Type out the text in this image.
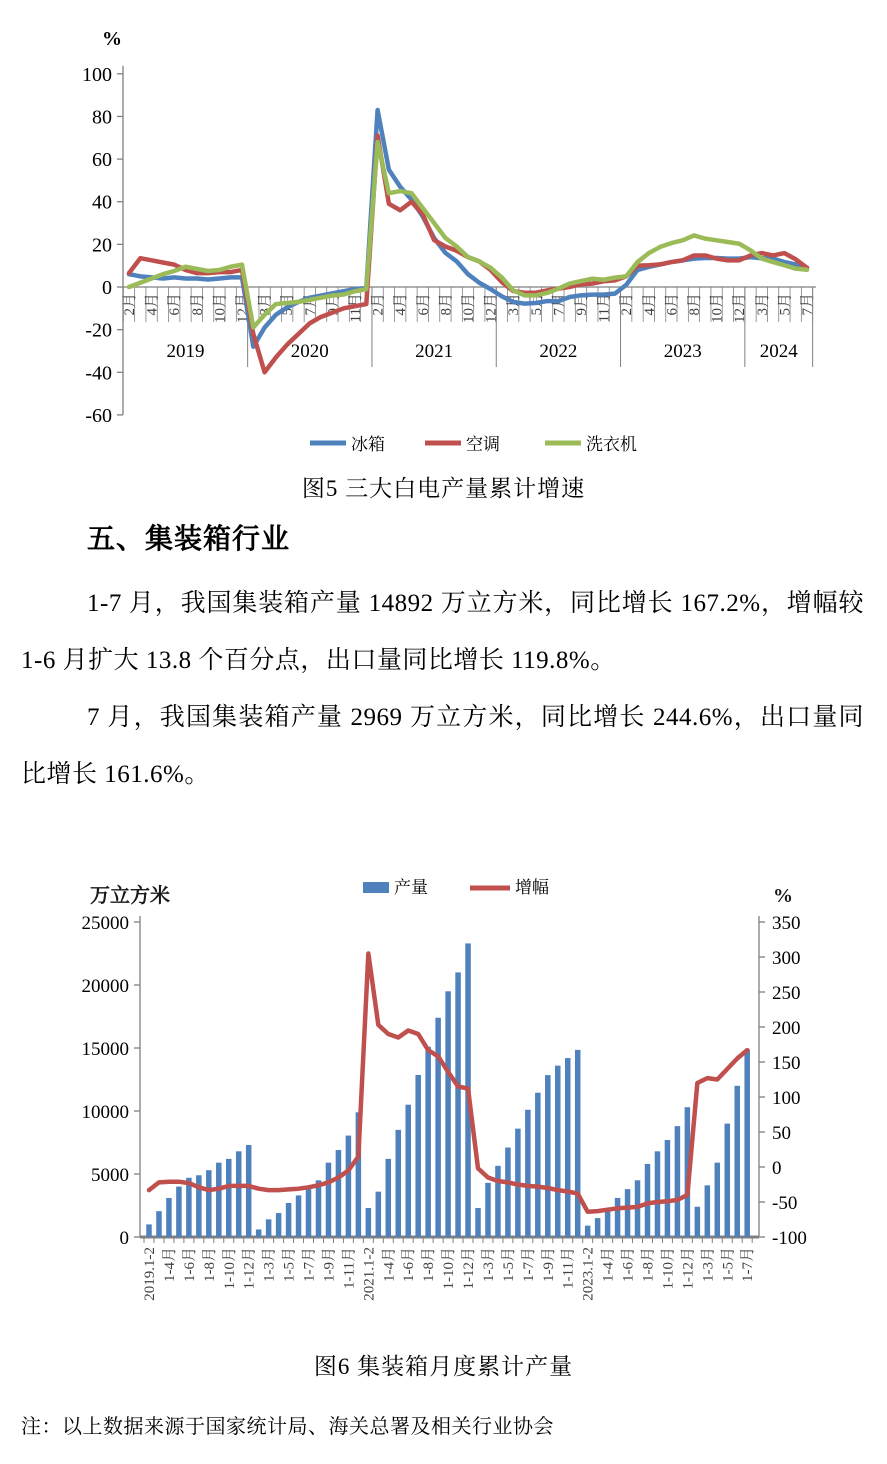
%
100
80
60
40
20
0
-20
-40
-60
2月 4月 6月 8月 10月 12月 3月 5月 7月 9月 11月 2月 4月 6月 8月 10月 12月 3月 5月 7月 9月 11月 2月 4月 6月 8月 10月 12月 3月 5月 7月
2019	2020	2021	2022	2023	2024
冰箱	空调	洗衣机
图5 三大白电产量累计增速
五、集装箱行业

1-7 月，我国集装箱产量 14892 万立方米，同比增长 167.2%，增幅较 1-6 月扩大 13.8 个百分点，出口量同比增长 119.8%。

7 月，我国集装箱产量 2969 万立方米，同比增长 244.6%，出口量同比增长 161.6%。

万立方米	%
产量	增幅
0
5000
10000
15000
20000
25000
-100
-50
0
50
100
150
200
250
300
350
2019.1-2 1-4月 1-6月 1-8月 1-10月 1-12月 1-3月 1-5月 1-7月 1-9月 1-11月 2021.1-2 1-4月 1-6月 1-8月 1-10月 1-12月 1-3月 1-5月 1-7月 1-9月 1-11月 2023.1-2 1-4月 1-6月 1-8月 1-10月 1-12月 1-3月 1-5月 1-7月
图6 集装箱月度累计产量
注：以上数据来源于国家统计局、海关总署及相关行业协会
